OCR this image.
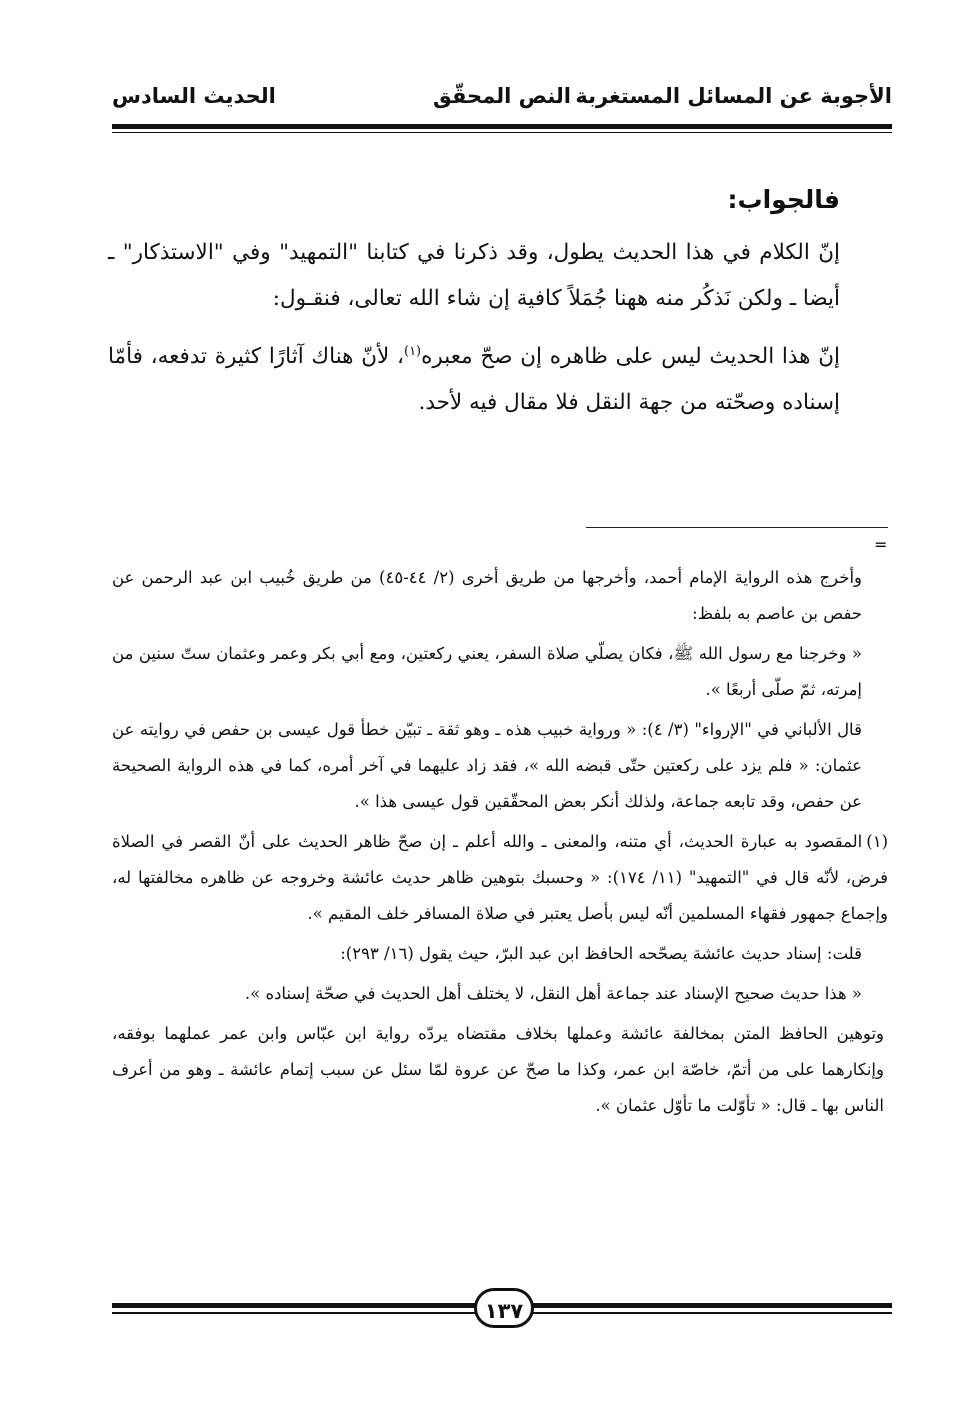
الأجوبة عن المسائل المستغربة
النص المحقّق
الحديث السادس
فالجواب:

إنّ الكلام في هذا الحديث يطول، وقد ذكرنا في كتابنا "التمهيد" وفي "الاستذكار" ـ أيضا ـ ولكن نَذكُر منه ههنا جُمَلاً كافية إن شاء الله تعالى، فنقـول:

إنّ هذا الحديث ليس على ظاهره إن صحّ معبره$^{(١)}$، لأنّ هناك آثارًا كثيرة تدفعه، فأمّا إسناده وصحّته من جهة النقل فلا مقال فيه لأحد.

=

وأخرج هذه الرواية الإمام أحمد، وأخرجها من طريق أخرى (٢/ ٤٤-٤٥) من طريق خُبيب ابن عبد الرحمن عن حفص بن عاصم به بلفظ:

« وخرجنا مع رسول الله ﷺ، فكان يصلّي صلاة السفر، يعني ركعتين، ومع أبي بكر وعمر وعثمان ستّ سنين من إمرته، ثمّ صلّى أربعًا ».

قال الألباني في "الإرواء" (٣/ ٤): « ورواية خبيب هذه ـ وهو ثقة ـ تبيّن خطأ قول عيسى بن حفص في روايته عن عثمان: « فلم يزد على ركعتين حتّى قبضه الله »، فقد زاد عليهما في آخر أمره، كما في هذه الرواية الصحيحة عن حفص، وقد تابعه جماعة، ولذلك أنكر بعض المحقّقين قول عيسى هذا ».

(١)المقصود به عبارة الحديث، أي متنه، والمعنى ـ والله أعلم ـ إن صحّ ظاهر الحديث على أنّ القصر في الصلاة فرض، لأنّه قال في "التمهيد" (١١/ ١٧٤): « وحسبك بتوهين ظاهر حديث عائشة وخروجه عن ظاهره مخالفتها له، وإجماع جمهور فقهاء المسلمين أنّه ليس بأصل يعتبر في صلاة المسافر خلف المقيم ».

قلت: إسناد حديث عائشة يصحّحه الحافظ ابن عبد البرّ، حيث يقول (١٦/ ٢٩٣):

« هذا حديث صحيح الإسناد عند جماعة أهل النقل، لا يختلف أهل الحديث في صحّة إسناده ».

وتوهين الحافظ المتن بمخالفة عائشة وعملها بخلاف مقتضاه يردّه رواية ابن عبّاس وابن عمر عملهما بوفقه، وإنكارهما على من أتمّ، خاصّة ابن عمر، وكذا ما صحّ عن عروة لمّا سئل عن سبب إتمام عائشة ـ وهو من أعرف الناس بها ـ قال: « تأوّلت ما تأوّل عثمان ».

١٣٧
